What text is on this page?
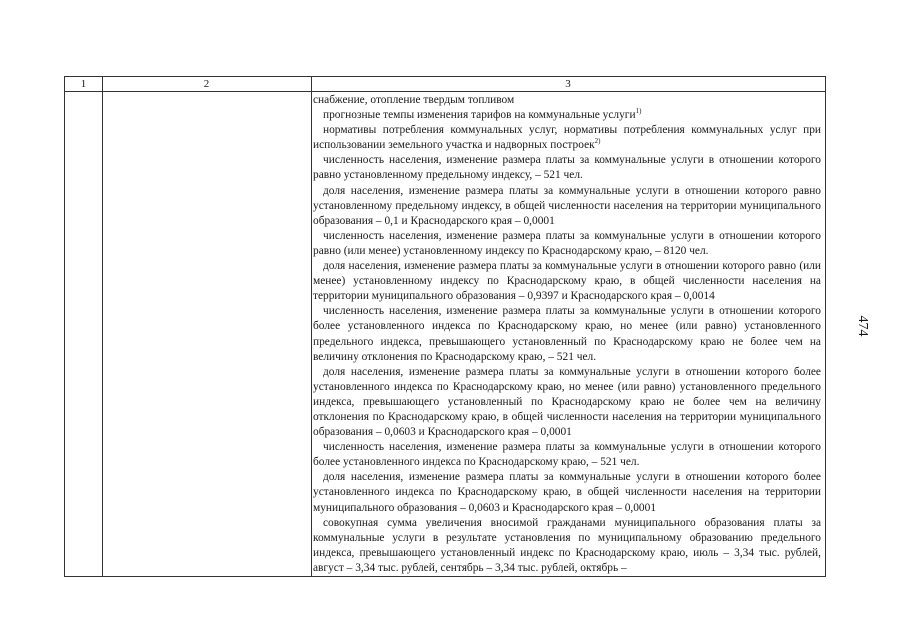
1	2	3

снабжение, отопление твердым топливом

прогнозные темпы изменения тарифов на коммунальные услуги$^{1)}$

нормативы потребления коммунальных услуг, нормативы потребления коммунальных услуг при использовании земельного участка и надворных построек$^{2)}$

численность населения, изменение размера платы за коммунальные услуги в отношении которого равно установленному предельному индексу, – 521 чел.

доля населения, изменение размера платы за коммунальные услуги в отношении которого равно установленному предельному индексу, в общей численности населения на территории муниципального образования – 0,1 и Краснодарского края – 0,0001

численность населения, изменение размера платы за коммунальные услуги в отношении которого равно (или менее) установленному индексу по Краснодарскому краю, – 8120 чел.

доля населения, изменение размера платы за коммунальные услуги в отношении которого равно (или менее) установленному индексу по Краснодарскому краю, в общей численности населения на территории муниципального образования – 0,9397 и Краснодарского края – 0,0014

численность населения, изменение размера платы за коммунальные услуги в отношении которого более установленного индекса по Краснодарскому краю, но менее (или равно) установленного предельного индекса, превышающего установленный по Краснодарскому краю не более чем на величину отклонения по Краснодарскому краю, – 521 чел.

доля населения, изменение размера платы за коммунальные услуги в отношении которого более установленного индекса по Краснодарскому краю, но менее (или равно) установленного предельного индекса, превышающего установленный по Краснодарскому краю не более чем на величину отклонения по Краснодарскому краю, в общей численности населения на территории муниципального образования – 0,0603 и Краснодарского края – 0,0001

численность населения, изменение размера платы за коммунальные услуги в отношении которого более установленного индекса по Краснодарскому краю, – 521 чел.

доля населения, изменение размера платы за коммунальные услуги в отношении которого более установленного индекса по Краснодарскому краю, в общей численности населения на территории муниципального образования – 0,0603 и Краснодарского края – 0,0001

совокупная сумма увеличения вносимой гражданами муниципального образования платы за коммунальные услуги в результате установления по муниципальному образованию предельного индекса, превышающего установленный индекс по Краснодарскому краю, июль – 3,34 тыс. рублей, август – 3,34 тыс. рублей, сентябрь – 3,34 тыс. рублей, октябрь –

474
